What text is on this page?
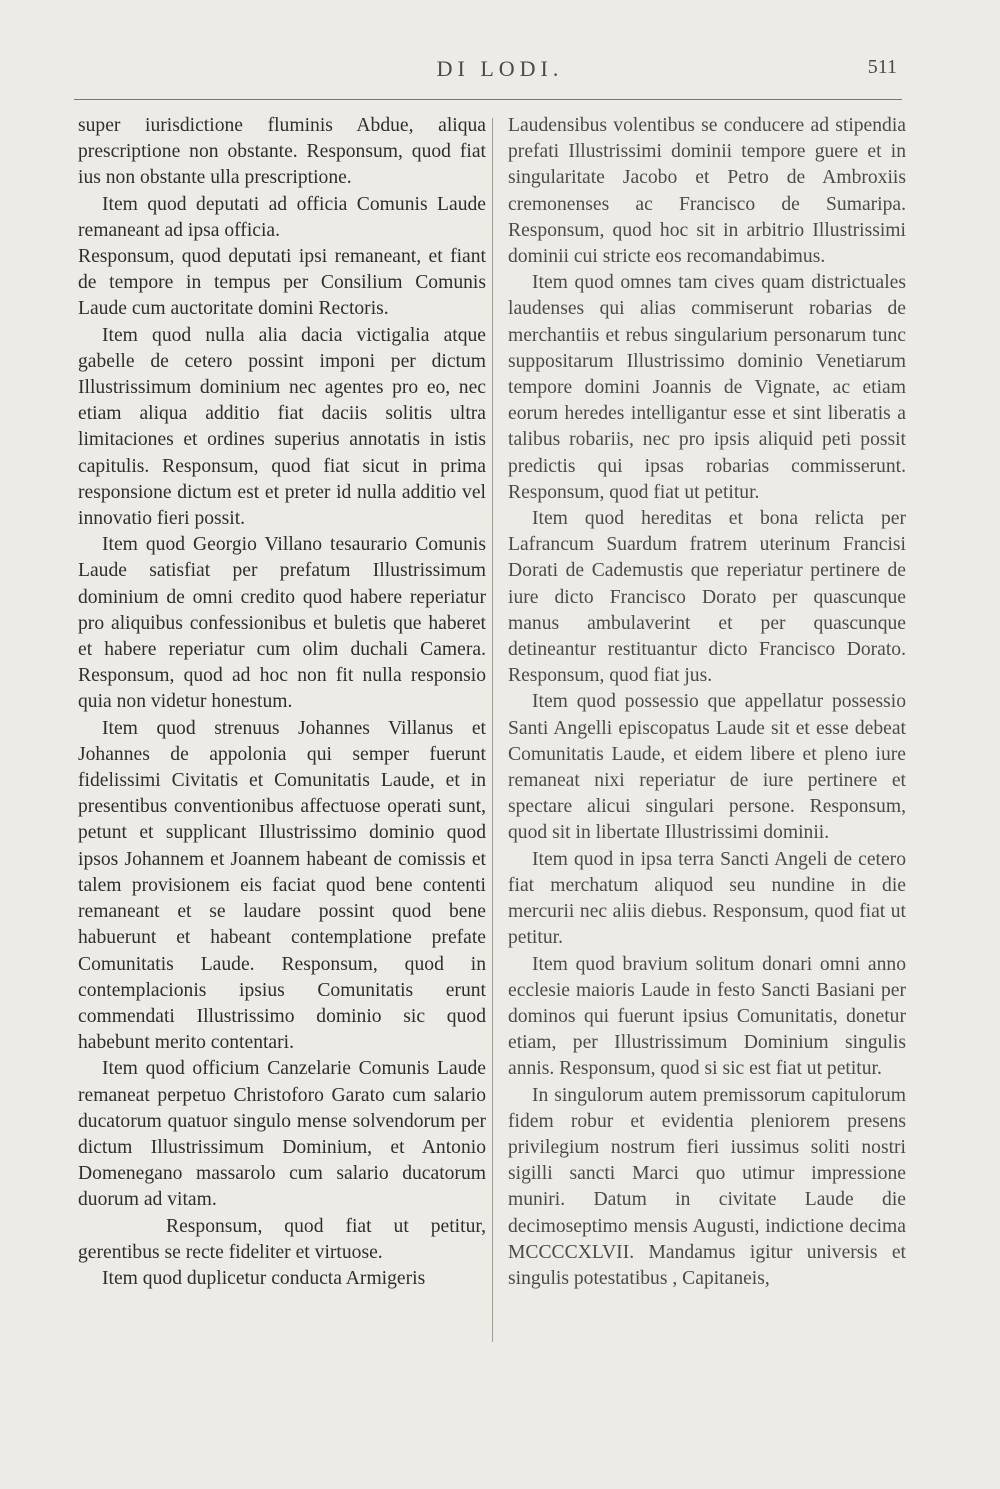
DI LODI.	511

super iurisdictione fluminis Abdue, aliqua prescriptione non obstante. Responsum, quod fiat ius non obstante ulla prescriptione.

Item quod deputati ad officia Comunis Laude remaneant ad ipsa officia.

Responsum, quod deputati ipsi remaneant, et fiant de tempore in tempus per Consilium Comunis Laude cum auctoritate domini Rectoris.

Item quod nulla alia dacia victigalia atque gabelle de cetero possint imponi per dictum Illustrissimum dominium nec agentes pro eo, nec etiam aliqua additio fiat daciis solitis ultra limitaciones et ordines superius annotatis in istis capitulis. Responsum, quod fiat sicut in prima responsione dictum est et preter id nulla additio vel innovatio fieri possit.

Item quod Georgio Villano tesaurario Comunis Laude satisfiat per prefatum Illustrissimum dominium de omni credito quod habere reperiatur pro aliquibus confessionibus et buletis que haberet et habere reperiatur cum olim duchali Camera. Responsum, quod ad hoc non fit nulla responsio quia non videtur honestum.

Item quod strenuus Johannes Villanus et Johannes de appolonia qui semper fuerunt fidelissimi Civitatis et Comunitatis Laude, et in presentibus conventionibus affectuose operati sunt, petunt et supplicant Illustrissimo dominio quod ipsos Johannem et Joannem habeant de comissis et talem provisionem eis faciat quod bene contenti remaneant et se laudare possint quod bene habuerunt et habeant contemplatione prefate Comunitatis Laude. Responsum, quod in contemplacionis ipsius Comunitatis erunt commendati Illustrissimo dominio sic quod habebunt merito contentari.

Item quod officium Canzelarie Comunis Laude remaneat perpetuo Christoforo Garato cum salario ducatorum quatuor singulo mense solvendorum per dictum Illustrissimum Dominium, et Antonio Domenegano massarolo cum salario ducatorum duorum ad vitam.

Responsum, quod fiat ut petitur, gerentibus se recte fideliter et virtuose.

Item quod duplicetur conducta Armigeris

Laudensibus volentibus se conducere ad stipendia prefati Illustrissimi dominii tempore guere et in singularitate Jacobo et Petro de Ambroxiis cremonenses ac Francisco de Sumaripa. Responsum, quod hoc sit in arbitrio Illustrissimi dominii cui stricte eos recomandabimus.

Item quod omnes tam cives quam districtuales laudenses qui alias commiserunt robarias de merchantiis et rebus singularium personarum tunc suppositarum Illustrissimo dominio Venetiarum tempore domini Joannis de Vignate, ac etiam eorum heredes intelligantur esse et sint liberatis a talibus robariis, nec pro ipsis aliquid peti possit predictis qui ipsas robarias commisserunt. Responsum, quod fiat ut petitur.

Item quod hereditas et bona relicta per Lafrancum Suardum fratrem uterinum Francisi Dorati de Cademustis que reperiatur pertinere de iure dicto Francisco Dorato per quascunque manus ambulaverint et per quascunque detineantur restituantur dicto Francisco Dorato. Responsum, quod fiat jus.

Item quod possessio que appellatur possessio Santi Angelli episcopatus Laude sit et esse debeat Comunitatis Laude, et eidem libere et pleno iure remaneat nixi reperiatur de iure pertinere et spectare alicui singulari persone. Responsum, quod sit in libertate Illustrissimi dominii.

Item quod in ipsa terra Sancti Angeli de cetero fiat merchatum aliquod seu nundine in die mercurii nec aliis diebus. Responsum, quod fiat ut petitur.

Item quod bravium solitum donari omni anno ecclesie maioris Laude in festo Sancti Basiani per dominos qui fuerunt ipsius Comunitatis, donetur etiam, per Illustrissimum Dominium singulis annis. Responsum, quod si sic est fiat ut petitur.

In singulorum autem premissorum capitulorum fidem robur et evidentia pleniorem presens privilegium nostrum fieri iussimus soliti nostri sigilli sancti Marci quo utimur impressione muniri. Datum in civitate Laude die decimoseptimo mensis Augusti, indictione decima MCCCCXLVII. Mandamus igitur universis et singulis potestatibus , Capitaneis,
